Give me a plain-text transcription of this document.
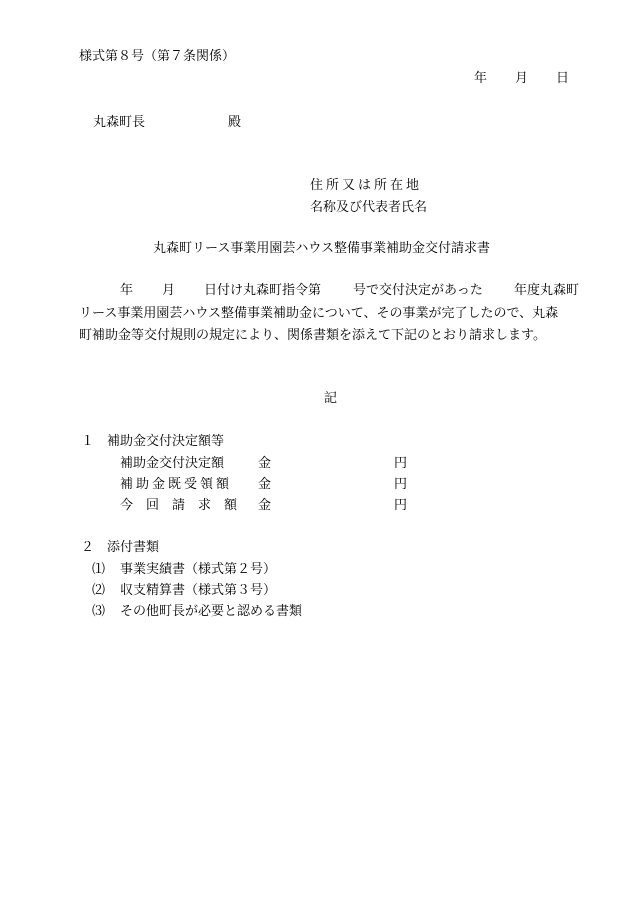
様式第８号（第７条関係）
年 月 日
丸森町長	殿
住所又は所在地
名称及び代表者氏名
丸森町リース事業用園芸ハウス整備事業補助金交付請求書
年 月 日付け丸森町指令第 号で交付決定があった 年度丸森町
リース事業用園芸ハウス整備事業補助金について、その事業が完了したので、丸森
町補助金等交付規則の規定により、関係書類を添えて下記のとおり請求します。
記
１ 補助金交付決定額等
補助金交付決定額	金	円
補助金既受領額 金	円
今回請求額 金	円
２ 添付書類
⑴ 事業実績書（様式第２号）
⑵ 収支精算書（様式第３号）
⑶ その他町長が必要と認める書類
